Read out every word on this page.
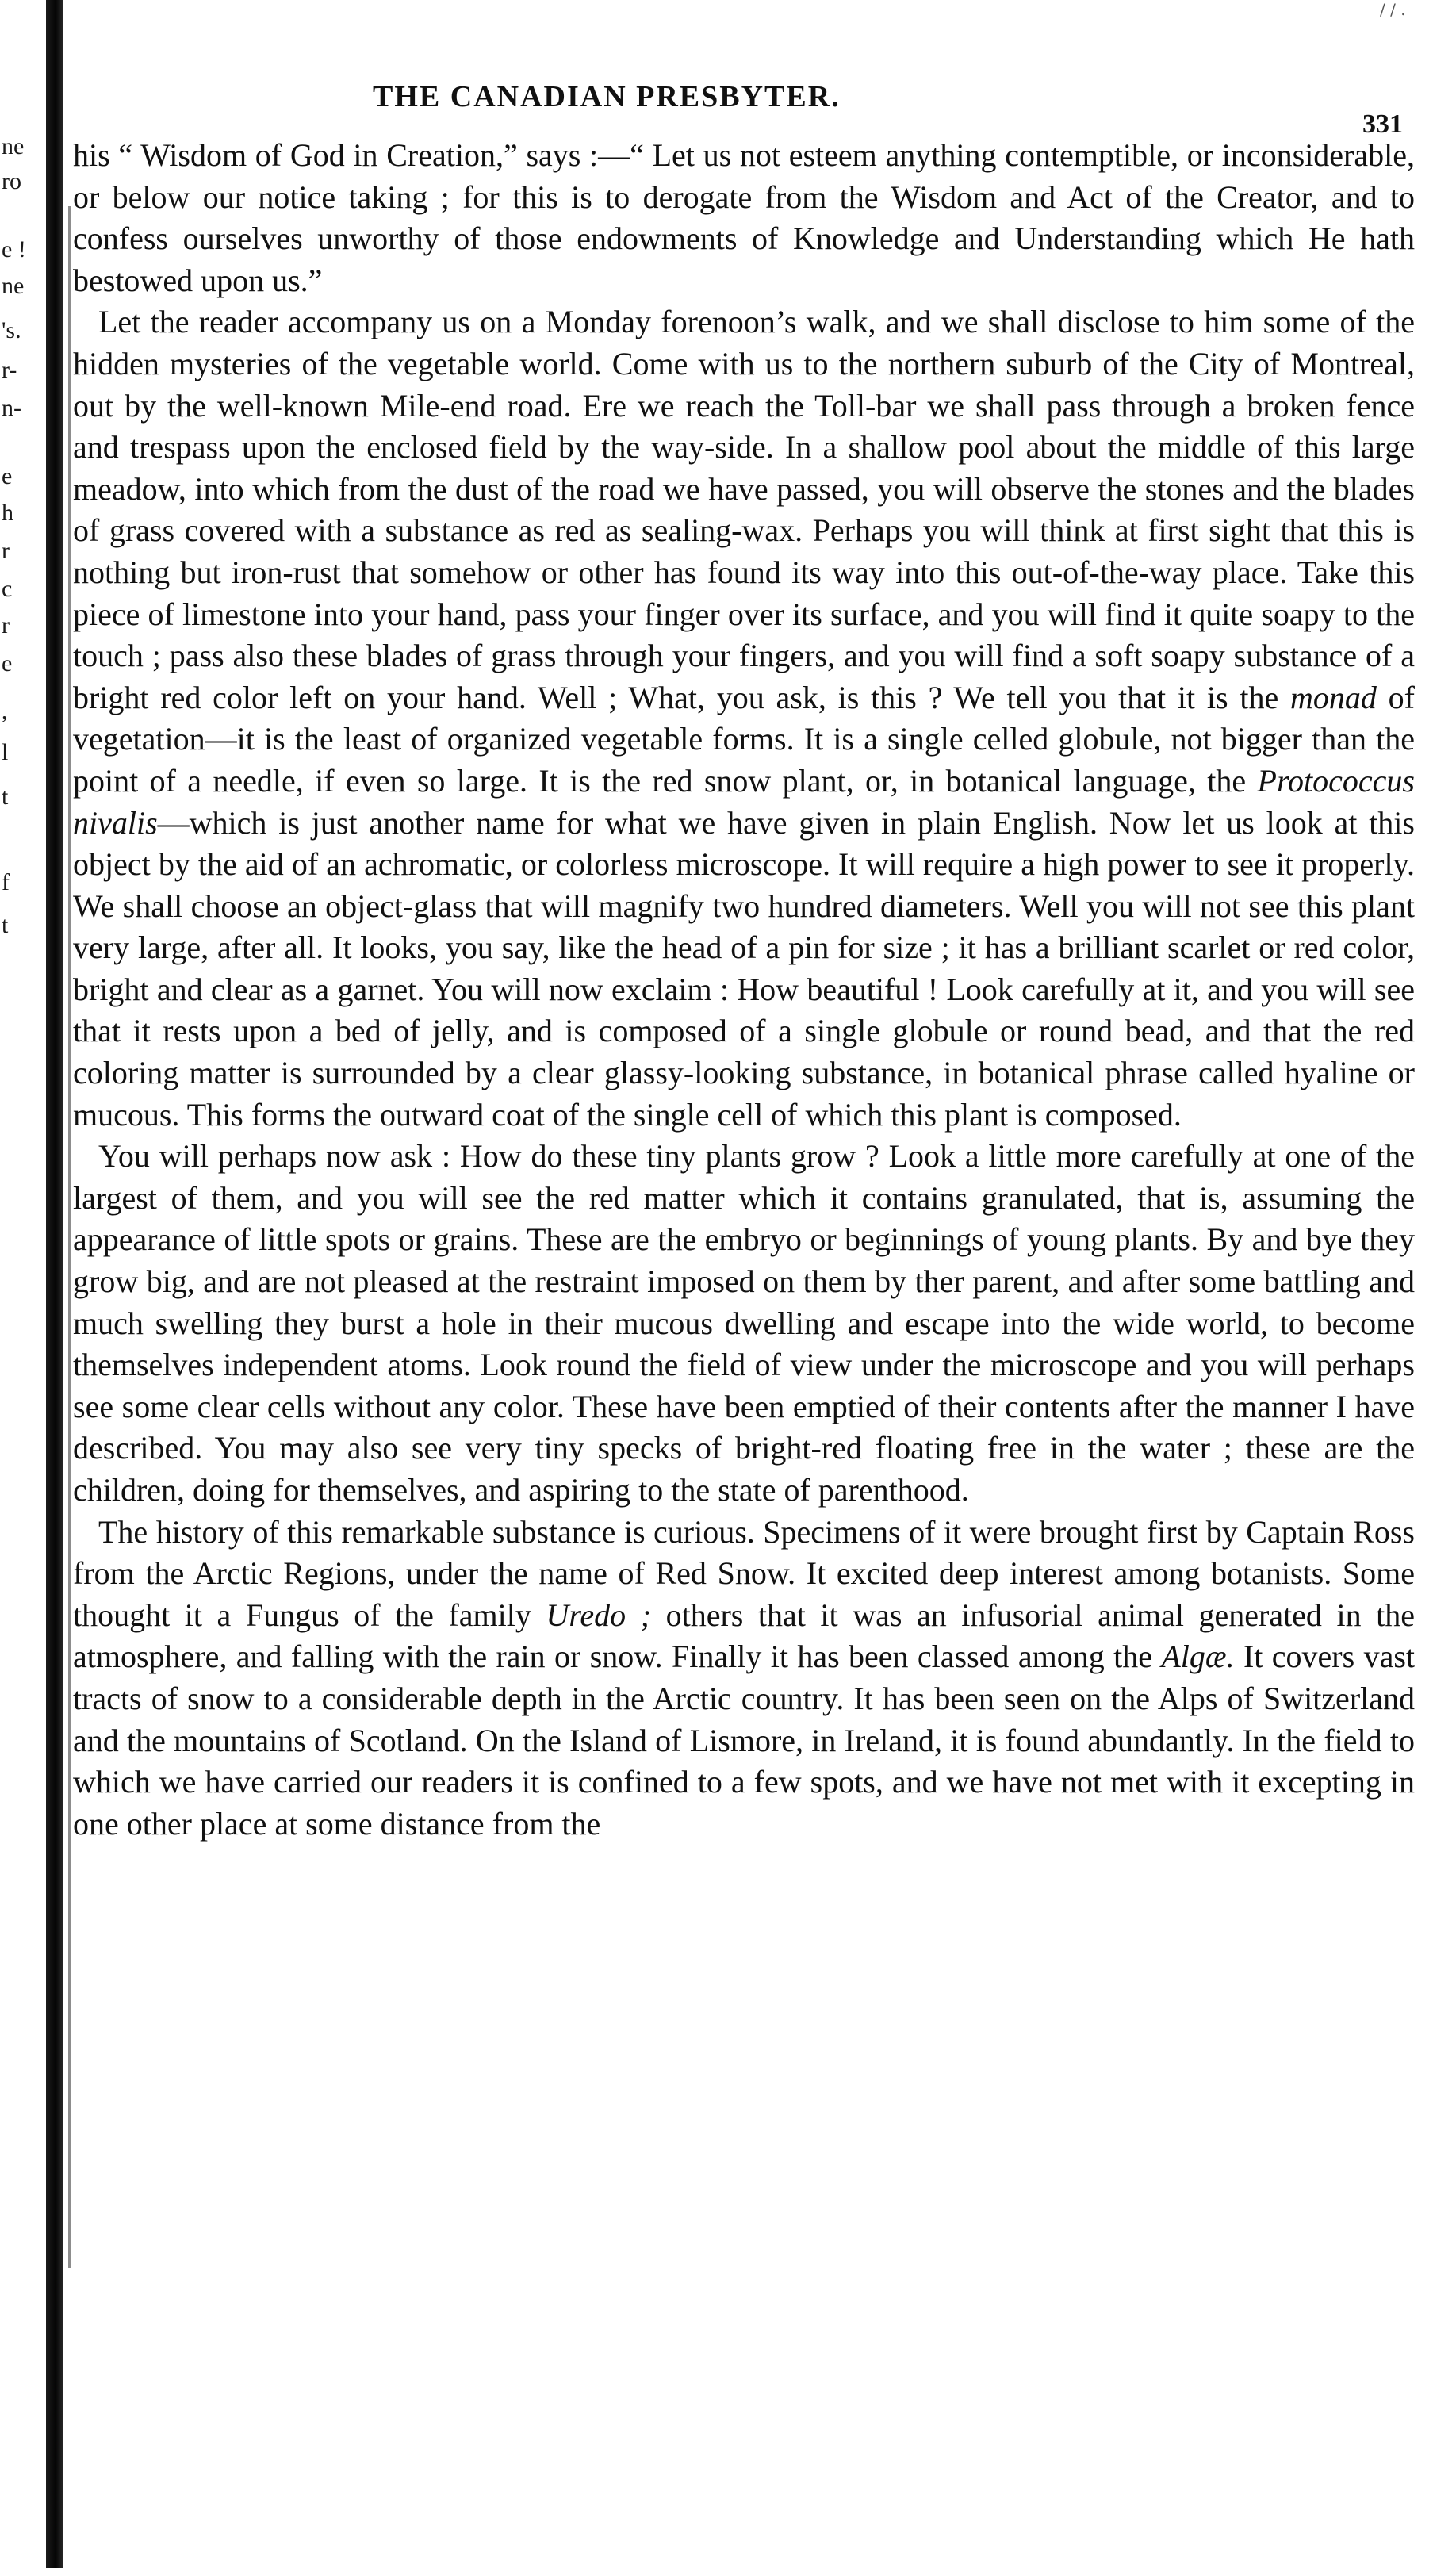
/ / .
ne
ro
e !
ne
's.
r-
n-
e
h
r
c
r
e
,
l
t
f
t
THE CANADIAN PRESBYTER.
331

his “ Wisdom of God in Creation,” says :—“ Let us not esteem anything contemptible, or inconsiderable, or below our notice taking ; for this is to derogate from the Wisdom and Act of the Creator, and to confess ourselves unworthy of those endowments of Knowledge and Understanding which He hath bestowed upon us.”

Let the reader accompany us on a Monday forenoon’s walk, and we shall disclose to him some of the hidden mysteries of the vegetable world. Come with us to the northern suburb of the City of Montreal, out by the well-known Mile-end road. Ere we reach the Toll-bar we shall pass through a broken fence and trespass upon the enclosed field by the way-side. In a shallow pool about the middle of this large meadow, into which from the dust of the road we have passed, you will observe the stones and the blades of grass covered with a substance as red as sealing-wax. Perhaps you will think at first sight that this is nothing but iron-rust that somehow or other has found its way into this out-of-the-way place. Take this piece of limestone into your hand, pass your finger over its surface, and you will find it quite soapy to the touch ; pass also these blades of grass through your fingers, and you will find a soft soapy substance of a bright red color left on your hand. Well ; What, you ask, is this ? We tell you that it is the monad of vegetation—it is the least of organized vegetable forms. It is a single celled globule, not bigger than the point of a needle, if even so large. It is the red snow plant, or, in botanical language, the Protococcus nivalis—which is just another name for what we have given in plain English. Now let us look at this object by the aid of an achromatic, or colorless microscope. It will require a high power to see it properly. We shall choose an object-glass that will magnify two hundred diameters. Well you will not see this plant very large, after all. It looks, you say, like the head of a pin for size ; it has a brilliant scarlet or red color, bright and clear as a garnet. You will now exclaim : How beautiful ! Look carefully at it, and you will see that it rests upon a bed of jelly, and is composed of a single globule or round bead, and that the red coloring matter is surrounded by a clear glassy-looking substance, in botanical phrase called hyaline or mucous. This forms the outward coat of the single cell of which this plant is composed.

You will perhaps now ask : How do these tiny plants grow ? Look a little more carefully at one of the largest of them, and you will see the red matter which it contains granulated, that is, assuming the appearance of little spots or grains. These are the embryo or beginnings of young plants. By and bye they grow big, and are not pleased at the restraint imposed on them by ther parent, and after some battling and much swelling they burst a hole in their mucous dwelling and escape into the wide world, to become themselves independent atoms. Look round the field of view under the microscope and you will perhaps see some clear cells without any color. These have been emptied of their contents after the manner I have described. You may also see very tiny specks of bright-red floating free in the water ; these are the children, doing for themselves, and aspiring to the state of parenthood.

The history of this remarkable substance is curious. Specimens of it were brought first by Captain Ross from the Arctic Regions, under the name of Red Snow. It excited deep interest among botanists. Some thought it a Fungus of the family Uredo ; others that it was an infusorial animal generated in the atmosphere, and falling with the rain or snow. Finally it has been classed among the Algæ. It covers vast tracts of snow to a considerable depth in the Arctic country. It has been seen on the Alps of Switzerland and the mountains of Scotland. On the Island of Lismore, in Ireland, it is found abundantly. In the field to which we have carried our readers it is confined to a few spots, and we have not met with it excepting in one other place at some distance from the
